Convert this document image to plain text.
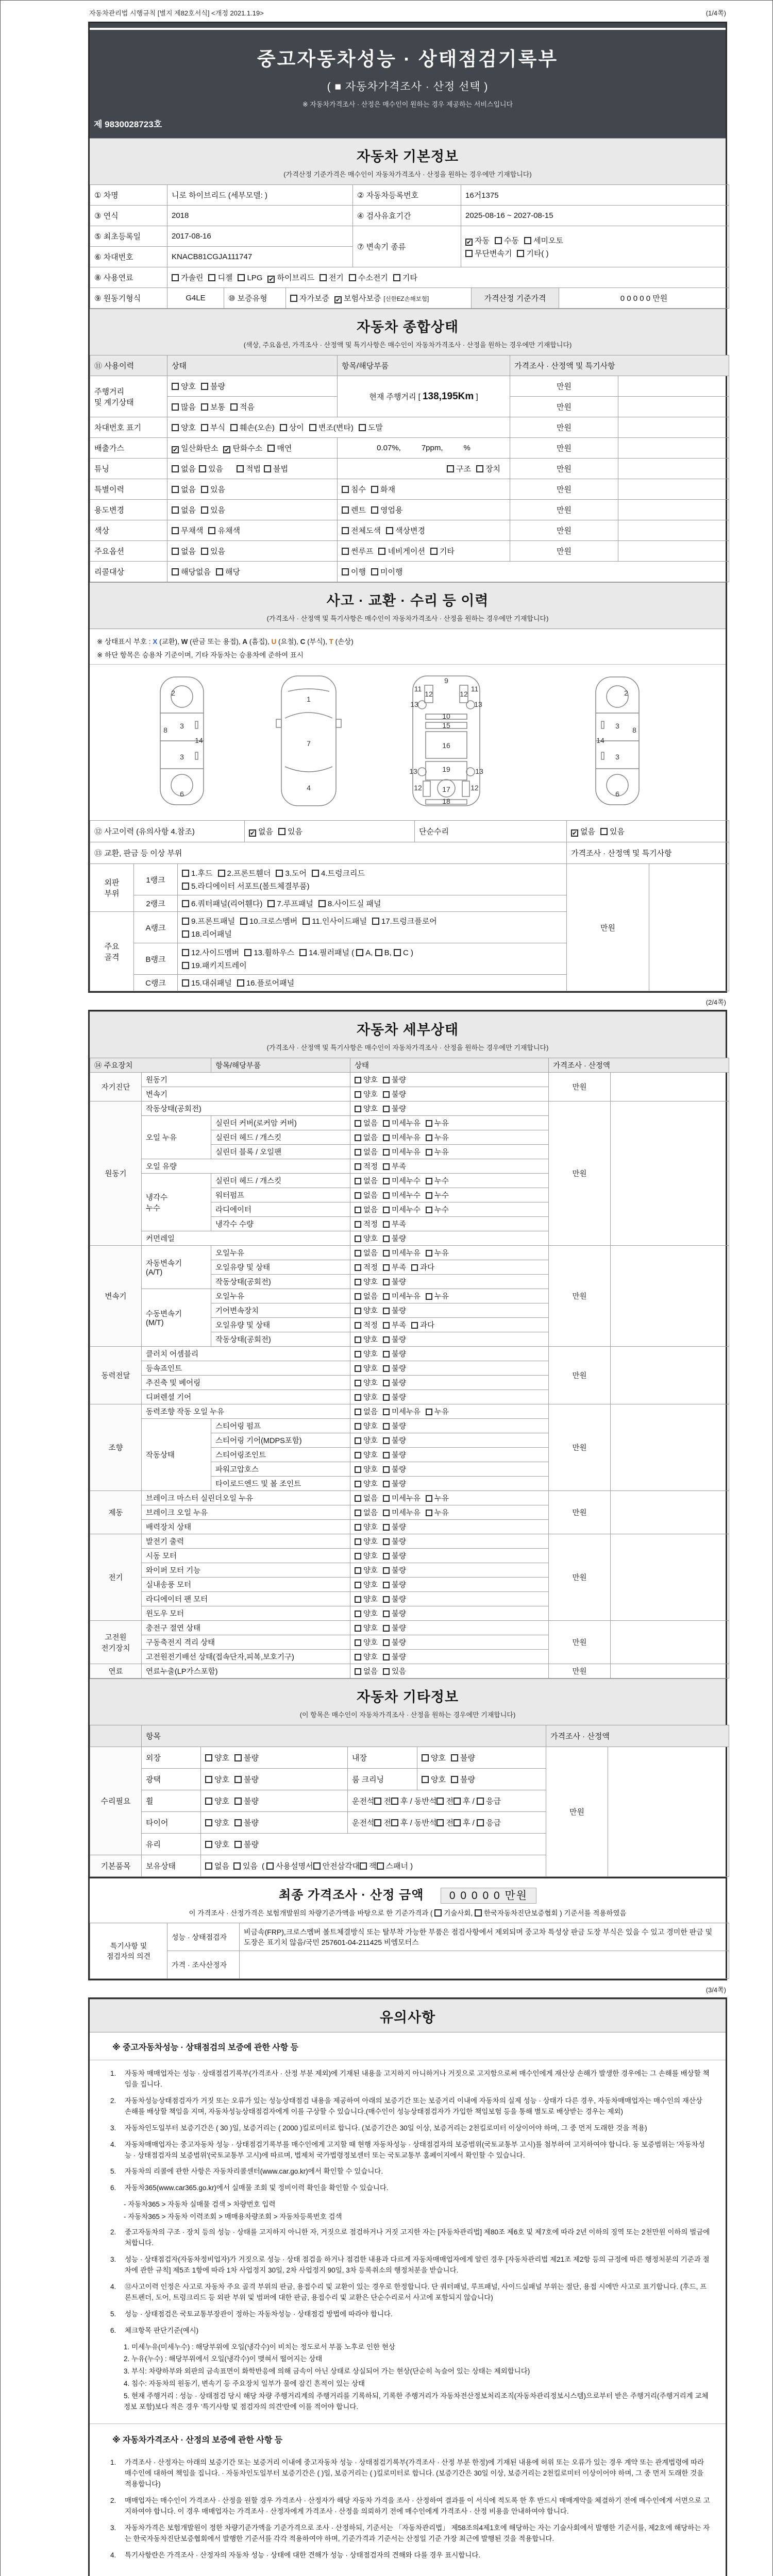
자동차관리법 시행규칙 [별지 제82호서식] <개정 2021.1.19>	(1/4쪽)
중고자동차성능 · 상태점검기록부
( ■ 자동차가격조사 · 산정 선택 )
※ 자동차가격조사 · 산정은 매수인이 원하는 경우 제공하는 서비스입니다
제 9830028723호
자동차 기본정보
(가격산정 기준가격은 매수인이 자동차가격조사 · 산정을 원하는 경우에만 기재합니다)
① 차명	니로 하이브리드 (세부모델: )	② 자동차등록번호	16거1375
③ 연식	2018	④ 검사유효기간	2025-08-16 ~ 2027-08-15
⑤ 최초등록일	2017-08-16	⑦ 변속기 종류	✔ 자동 수동 세미오토
무단변속기 기타( )

⑥ 차대번호	KNACB81CGJA111747		
⑧ 사용연료	가솔린 디젤 LPG ✔ 하이브리드 전기 수소전기 기타
⑨ 원동기형식	G4LE	⑩ 보증유형	자가보증 ✔ 보험사보증 [신한EZ손해보험]	가격산정 기준가격	0 0 0 0 0 만원
자동차 종합상태
(색상, 주요옵션, 가격조사 · 산정액 및 특기사항은 매수인이 자동차가격조사 · 산정을 원하는 경우에만 기재합니다)
⑪ 사용이력	상태	항목/해당부품	가격조사 · 산정액 및 특기사항	
주행거리
및 계기상태	양호 불량	현재 주행거리 [ 138,195Km ]	만원	
	많음 보통 적음		만원	
차대번호 표기	양호 부식 훼손(오손) 상이 변조(변타) 도말		만원	
배출가스	✔ 일산화탄소 ✔ 탄화수소 매연	0.07%, 7ppm, %	만원	
튜닝	없음 있음 적법 불법	구조 장치	만원	
특별이력	없음 있음	침수 화재	만원	
용도변경	없음 있음	렌트 영업용	만원	
색상	무채색 유채색	전체도색 색상변경	만원	
주요옵션	없음 있음	썬루프 네비게이션 기타	만원	
리콜대상	해당없음 해당	이행 미이행		
사고 · 교환 · 수리 등 이력
(가격조사 · 산정액 및 특기사항은 매수인이 자동차가격조사 · 산정을 원하는 경우에만 기재합니다)
※ 상태표시 부호 : X (교환), W (판금 또는 용접), A (흠집), U (요철), C (부식), T (손상)
※ 하단 항목은 승용차 기준이며, 기타 자동차는 승용차에 준하여 표시
2
8 3
14
3
6
1
7
4
9
11	11
12	12
13	13
10
15
16
13	19	13
12	17	12
18
2
8
3
14
3
6
⑫ 사고이력 (유의사항 4.참조)	✔ 없음 있음	단순수리	✔ 없음 있음
⑬ 교환, 판금 등 이상 부위	가격조사 · 산정액 및 특기사항
외판
부위	1랭크	
1.후드 2.프론트휀더 3.도어 4.트렁크리드
5.라디에이터 서포트(볼트체결부품)
	만원	
	2랭크	6.쿼터패널(리어휀다) 7.루프패널 8.사이드실 패널		
주요
골격	A랭크	
9.프론트패널 10.크로스멤버 11.인사이드패널 17.트렁크플로어
18.리어패널

	B랭크	12.사이드멤버 13.휠하우스 14.필러패널 ( A, B, C )
19.패키지트레이		

	C랭크	15.대쉬패널 16.플로어패널		
(2/4쪽)
자동차 세부상태
(가격조사 · 산정액 및 특기사항은 매수인이 자동차가격조사 · 산정을 원하는 경우에만 기재합니다)
⑭ 주요장치		항목/해당부품	상태	가격조사 · 산정액	
자기진단	원동기		양호 불량	만원	
	변속기		양호 불량		
원동기	작동상태(공회전)		양호 불량	만원	
	오일 누유	실린더 커버(로커암 커버)	없음 미세누유 누유		
		실린더 헤드 / 개스킷	없음 미세누유 누유		
		실린더 블록 / 오일팬	없음 미세누유 누유		
	오일 유량		적정 부족		
	냉각수
누수	실린더 헤드 / 개스킷	없음 미세누수 누수		
		워터펌프	없음 미세누수 누수		
		라디에이터	없음 미세누수 누수		
		냉각수 수량	적정 부족		
	커먼레일		양호 불량		
변속기	자동변속기
(A/T)	오일누유	없음 미세누유 누유	만원	
		오일유량 및 상태	적정 부족 과다		
		작동상태(공회전)	양호 불량		
	수동변속기
(M/T)	오일누유	없음 미세누유 누유		
		기어변속장치	양호 불량		
		오일유량 및 상태	적정 부족 과다		
		작동상태(공회전)	양호 불량		
동력전달	클러치 어셈블리		양호 불량	만원	
	등속죠인트		양호 불량		
	추진축 및 베어링		양호 불량		
	디퍼렌셜 기어		양호 불량		
조향	동력조향 작동 오일 누유		없음 미세누유 누유	만원	
	작동상태	스티어링 펌프	양호 불량		
		스티어링 기어(MDPS포함)	양호 불량		
		스티어링조인트	양호 불량		
		파워고압호스	양호 불량		
		타이로드엔드 및 볼 조인트	양호 불량		
제동	브레이크 마스터 실린더오일 누유		없음 미세누유 누유	만원	
	브레이크 오일 누유		없음 미세누유 누유		
	배력장치 상태		양호 불량		
전기	발전기 출력		양호 불량	만원	
	시동 모터		양호 불량		
	와이퍼 모터 기능		양호 불량		
	실내송풍 모터		양호 불량		
	라디에이터 팬 모터		양호 불량		
	윈도우 모터		양호 불량		
고전원
전기장치	충전구 절연 상태		양호 불량	만원	
	구동축전지 격리 상태		양호 불량		
	고전원전기배선 상태(접속단자,피복,보호기구)		양호 불량		
연료	연료누출(LP가스포함)		없음 있음	만원	
자동차 기타정보
(이 항목은 매수인이 자동차가격조사 · 산정을 원하는 경우에만 기재합니다)
	항목				가격조사 · 산정액	
수리필요	외장	양호 불량	내장	양호 불량	만원	
	광택	양호 불량	룸 크리닝	양호 불량		
	휠	양호 불량	운전석 전 후 / 동반석 전 후 / 응급			
	타이어	양호 불량	운전석 전 후 / 동반석 전 후 / 응급			
	유리	양호 불량				
기본품목	보유상태	없음 있음 ( 사용설명서 안전삼각대 잭 스패너 )				
최종 가격조사 · 산정 금액 0 0 0 0 0 만원
이 가격조사 · 산정가격은 보험개발원의 차량기준가액을 바탕으로 한 기준가격과 ( 기술사회, 한국자동차진단보증협회 ) 기준서를 적용하였음
특기사항 및
점검자의 의견	성능 · 상태점검자	비금속(FRP),크로스멤버 볼트체결방식 또는 탈부착 가능한 부품은 점검사항에서 제외되며 중고차 특성상 판금 도장 부식은 있을 수 있고 경미한 판금 및 도장은 표기치 않음/국민 257601-04-211425 비엠모터스
	가격 · 조사산정자	
(3/4쪽)
유의사항
※ 중고자동차성능 · 상태점검의 보증에 관한 사항 등
1.	자동차 매매업자는 성능 · 상태점검기록부(가격조사 · 산정 부분 제외)에 기재된 내용을 고지하지 아니하거나 거짓으로 고지함으로써 매수인에게 재산상 손해가 발생한 경우에는 그 손해를 배상할 책임을 집니다.
2.	자동차성능상태점검자가 거짓 또는 오류가 있는 성능상태점검 내용을 제공하여 아래의 보증기간 또는 보증거리 이내에 자동차의 실제 성능 · 상태가 다른 경우, 자동차매매업자는 매수인의 재산상 손해를 배상할 책임을 지며, 자동차성능상태점검자에게 이를 구상할 수 있습니다.(매수인이 성능상태점검자가 가입한 책임보험 등을 통해 별도로 배상받는 경우는 제외)
3.	자동차인도일부터 보증기간은 ( 30 )일, 보증거리는 ( 2000 )킬로미터로 합니다. (보증기간은 30일 이상, 보증거리는 2천킬로미터 이상이어야 하며, 그 중 먼저 도래한 것을 적용)
4.	자동차매매업자는 중고자동차 성능 · 상태점검기록부를 매수인에게 고지할 때 현행 자동차성능 · 상태점검자의 보증범위(국토교통부 고시)를 첨부하여 고지하여야 합니다. 동 보증범위는 '자동차성능 · 상태점검자의 보증범위'(국토교통부 고시)에 따르며, 법제처 국가법령정보센터 또는 국토교통부 홈페이지에서 확인할 수 있습니다.
5.	자동차의 리콜에 관한 사항은 자동차리콜센터(www.car.go.kr)에서 확인할 수 있습니다.
6.	자동차365(www.car365.go.kr)에서 실매물 조회 및 정비이력 확인을 확인할 수 있습니다.
- 자동차365 > 자동차 실매물 검색 > 차량번호 입력
- 자동차365 > 자동차 이력조회 > 매매용차량조회 > 자동차등록번호 검색
2.	중고자동차의 구조 · 장치 등의 성능 · 상태를 고지하지 아니한 자, 거짓으로 점검하거나 거짓 고지한 자는 [자동차관리법] 제80조 제6호 및 제7호에 따라 2년 이하의 징역 또는 2천만원 이하의 벌금에 처합니다.
3.	성능 · 상태점검자(자동차정비업자)가 거짓으로 성능 · 상태 점검을 하거나 점검한 내용과 다르게 자동차매매업자에게 알린 경우 [자동차관리법 제21조 제2항 등의 규정에 따른 행정처분의 기준과 절차에 관한 규칙] 제5조 1항에 따라 1차 사업정지 30일, 2차 사업정지 90일, 3차 등록취소의 행정처분을 받습니다.
4.	⑫사고이력 인정은 사고로 자동차 주요 골격 부위의 판금, 용접수리 및 교환이 있는 경우로 한정합니다. 단 쿼터패널, 루프패널, 사이드실패널 부위는 절단, 용접 시에만 사고로 표기합니다. (후드, 프론트펜더, 도어, 트렁크리드 등 외판 부위 및 범퍼에 대한 판금, 용접수리 및 교환은 단순수리로서 사고에 포함되지 않습니다)
5.	성능 · 상태점검은 국토교통부장관이 정하는 자동차성능 · 상태점검 방법에 따라야 합니다.
6.	체크항목 판단기준(예시)
1. 미세누유(미세누수) : 해당부위에 오일(냉각수)이 비치는 정도로서 부품 노후로 인한 현상
2. 누유(누수) : 해당부위에서 오일(냉각수)이 맺혀서 떨어지는 상태
3. 부식: 차량하부와 외판의 금속표면이 화학반응에 의해 금속이 아닌 상태로 상실되어 가는 현상(단순히 녹슬어 있는 상태는 제외합니다)
4. 침수: 자동차의 원동기, 변속기 등 주요장치 일부가 물에 잠긴 흔적이 있는 상태
5. 현재 주행거리 : 성능 · 상태점검 당시 해당 차량 주행거리계의 주행거리를 기록하되, 기록한 주행거리가 자동차전산정보처리조직(자동차관리정보시스템)으로부터 받은 주행거리(주행거리계 교체 정보 포함)보다 적은 경우 '특기사항 및 점검자의 의견'란에 이를 적어야 합니다.
※ 자동차가격조사 · 산정의 보증에 관한 사항 등
1.	가격조사 · 산정자는 아래의 보증기간 또는 보증거리 이내에 중고자동차 성능 · 상태점검기록부(가격조사 · 산정 부분 한정)에 기재된 내용에 허위 또는 오류가 있는 경우 계약 또는 관계법령에 따라 매수인에 대하여 책임을 집니다. · 자동차인도일부터 보증기간은 ( )일, 보증거리는 ( )킬로미터로 합니다. (보증기간은 30일 이상, 보증거리는 2천킬로미터 이상이어야 하며, 그 중 먼저 도래한 것을 적용합니다)
2.	매매업자는 매수인이 가격조사 · 산정을 원할 경우 가격조사 · 산정자가 해당 자동차 가격을 조사 · 산정하여 결과를 이 서식에 적도록 한 후 반드시 매매계약을 체결하기 전에 매수인에게 서면으로 고지하여야 합니다. 이 경우 매매업자는 가격조사 · 산정자에게 가격조사 · 산정을 의뢰하기 전에 매수인에게 가격조사 · 산정 비용을 안내하여야 합니다.
3.	자동차가격은 보험개발원이 정한 차량기준가액을 기준가격으로 조사 · 산정하되, 기준서는 「자동차관리법」 제58조의4제1호에 해당하는 자는 기술사회에서 발행한 기준서를, 제2호에 해당하는 자는 한국자동차진단보증협회에서 발행한 기준서를 각각 적용하여야 하며, 기준가격과 기준서는 산정일 기준 가장 최근에 발행된 것을 적용합니다.
4.	특기사항란은 가격조사 · 산정자의 자동차 성능 · 상태에 대한 견해가 성능 · 상태점검자의 견해와 다를 경우 표시합니다.
